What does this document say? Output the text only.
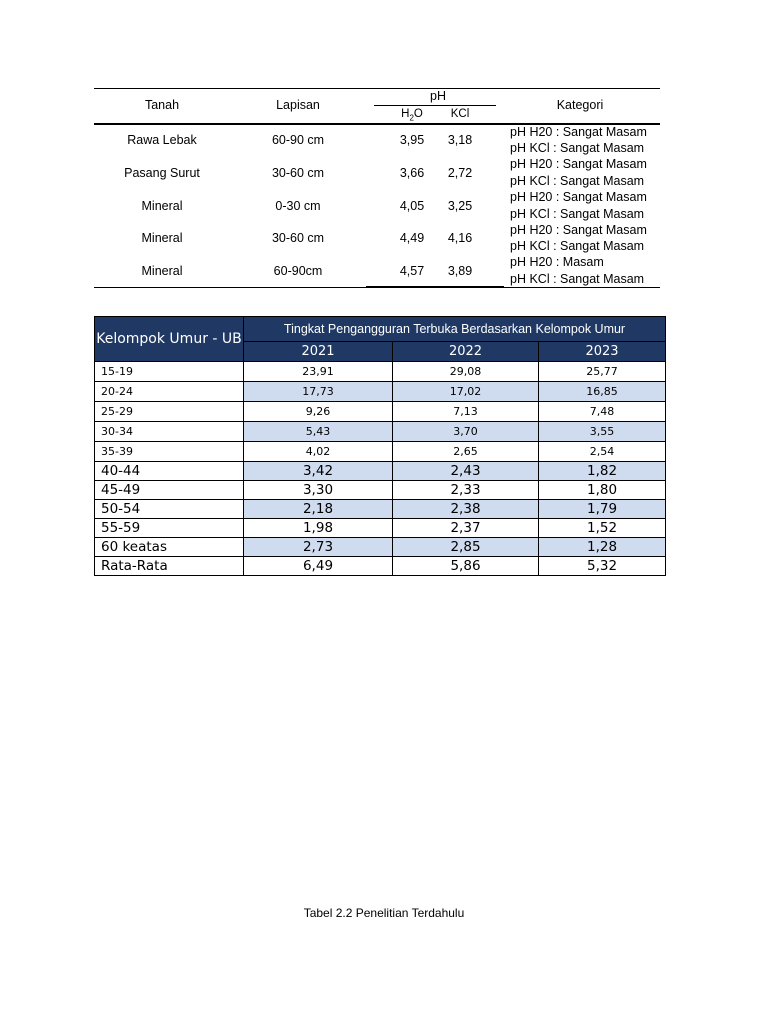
Tanah	Lapisan
pH
$H_2O$	KCl
Kategori
Rawa Lebak	60-90 cm	3,95	3,18
pH H20 : Sangat Masam
pH KCl : Sangat Masam
Pasang Surut	30-60 cm	3,66	2,72
pH H20 : Sangat Masam
pH KCl : Sangat Masam
Mineral	0-30 cm	4,05	3,25
pH H20 : Sangat Masam
pH KCl : Sangat Masam
Mineral	30-60 cm	4,49	4,16
pH H20 : Sangat Masam
pH KCl : Sangat Masam
Mineral	60-90cm	4,57	3,89
pH H20 : Masam
pH KCl : Sangat Masam
Kelompok Umur - UB	Tingkat Pengangguran Terbuka Berdasarkan Kelompok Umur		
	2021	2022	2023
15-19	23,91	29,08	25,77
20-24	17,73	17,02	16,85
25-29	9,26	7,13	7,48
30-34	5,43	3,70	3,55
35-39	4,02	2,65	2,54
40-44	3,42	2,43	1,82
45-49	3,30	2,33	1,80
50-54	2,18	2,38	1,79
55-59	1,98	2,37	1,52
60 keatas	2,73	2,85	1,28
Rata-Rata	6,49	5,86	5,32
Tabel 2.2 Penelitian Terdahulu
